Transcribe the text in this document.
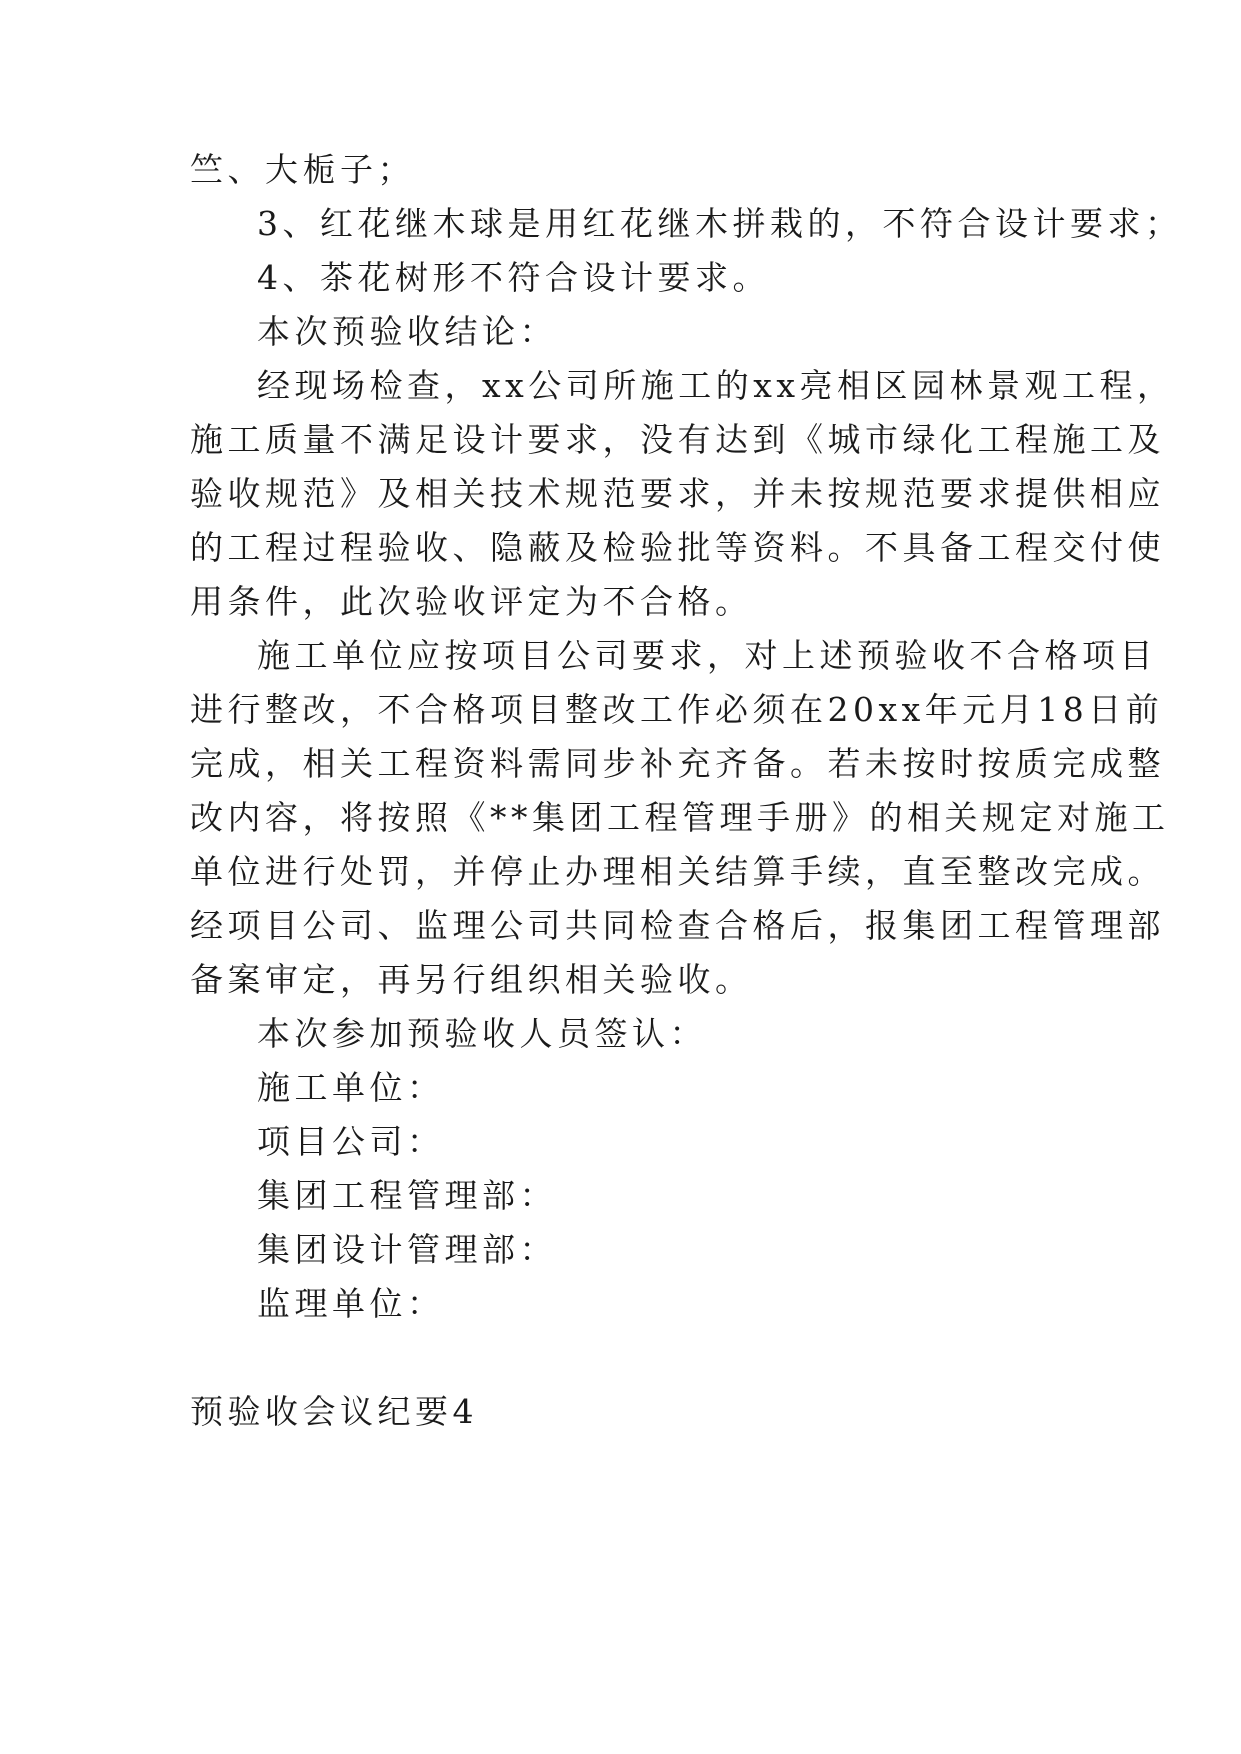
竺、大栀子；
3、红花继木球是用红花继木拼栽的，不符合设计要求；
4、茶花树形不符合设计要求。
本次预验收结论：
经现场检查，xx公司所施工的xx亮相区园林景观工程，
施工质量不满足设计要求，没有达到《城市绿化工程施工及
验收规范》及相关技术规范要求，并未按规范要求提供相应
的工程过程验收、隐蔽及检验批等资料。不具备工程交付使
用条件，此次验收评定为不合格。
施工单位应按项目公司要求，对上述预验收不合格项目
进行整改，不合格项目整改工作必须在20xx年元月18日前
完成，相关工程资料需同步补充齐备。若未按时按质完成整
改内容，将按照《**集团工程管理手册》的相关规定对施工
单位进行处罚，并停止办理相关结算手续，直至整改完成。
经项目公司、监理公司共同检查合格后，报集团工程管理部
备案审定，再另行组织相关验收。
本次参加预验收人员签认：
施工单位：
项目公司：
集团工程管理部：
集团设计管理部：
监理单位：
预验收会议纪要4
